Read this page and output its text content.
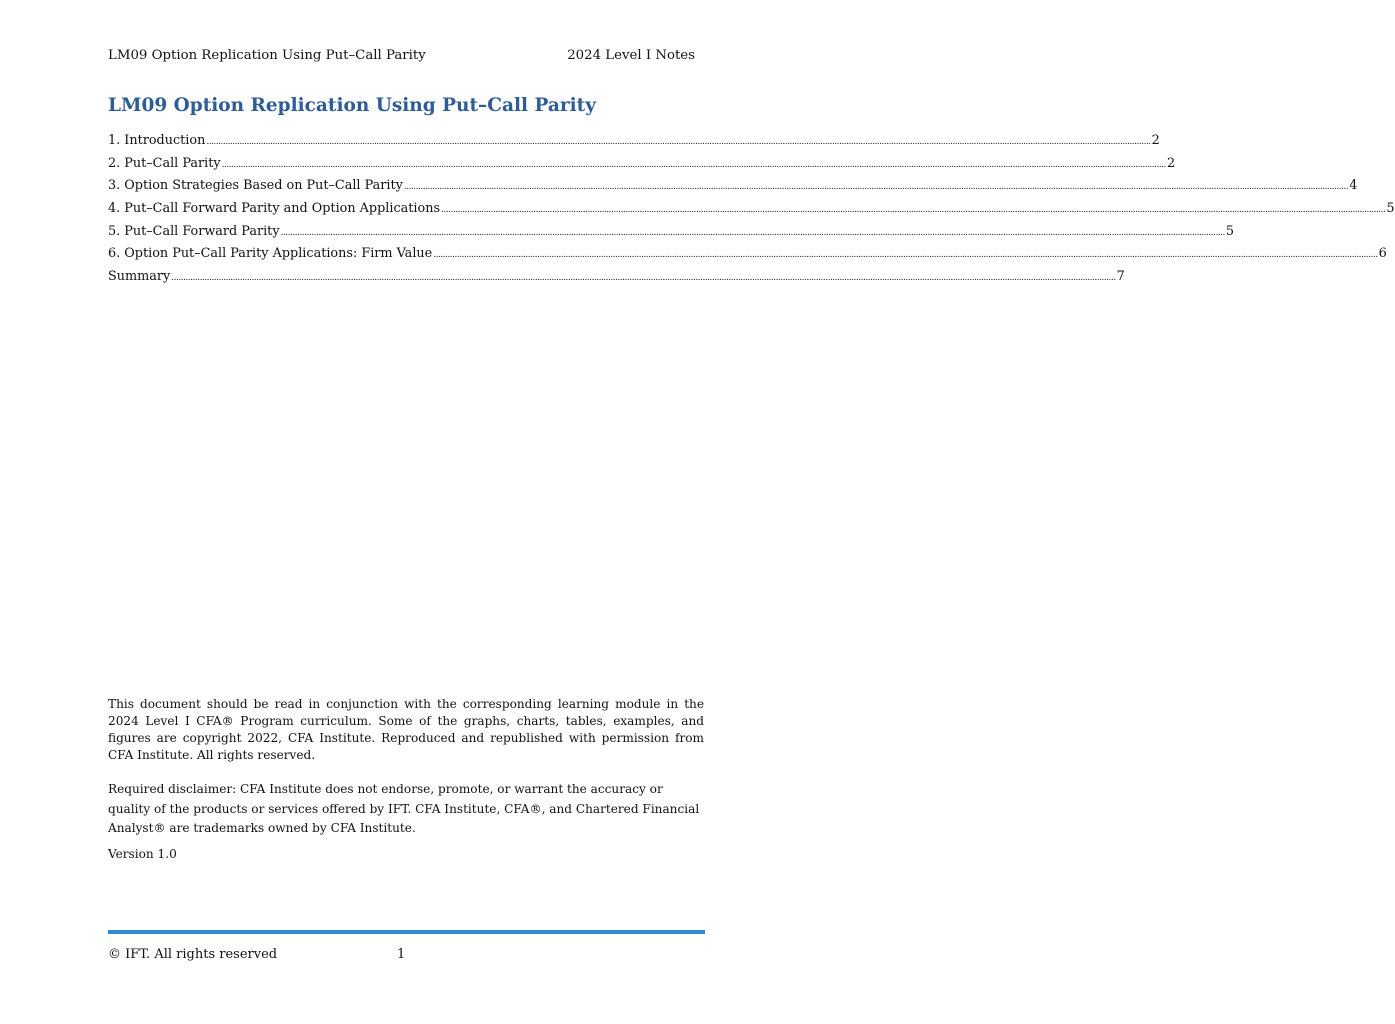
LM09 Option Replication Using Put–Call Parity	2024 Level I Notes
LM09 Option Replication Using Put–Call Parity
1. Introduction ................................................................................................................................................................................................................................................................................................................................................................................................................ 2
2. Put–Call Parity ................................................................................................................................................................................................................................................................................................................................................................................................................ 2
3. Option Strategies Based on Put–Call Parity ................................................................................................................................................................................................................................................................................................................................................................................................................ 4
4. Put–Call Forward Parity and Option Applications ................................................................................................................................................................................................................................................................................................................................................................................................................ 5
5. Put–Call Forward Parity ................................................................................................................................................................................................................................................................................................................................................................................................................ 5
6. Option Put–Call Parity Applications: Firm Value ................................................................................................................................................................................................................................................................................................................................................................................................................ 6
Summary ................................................................................................................................................................................................................................................................................................................................................................................................................ 7

This document should be read in conjunction with the corresponding learning module in the 2024 Level I CFA® Program curriculum. Some of the graphs, charts, tables, examples, and figures are copyright 2022, CFA Institute. Reproduced and republished with permission from CFA Institute. All rights reserved.

Required disclaimer: CFA Institute does not endorse, promote, or warrant the accuracy or quality of the products or services offered by IFT. CFA Institute, CFA®, and Chartered Financial Analyst® are trademarks owned by CFA Institute.

Version 1.0

© IFT. All rights reserved	1
